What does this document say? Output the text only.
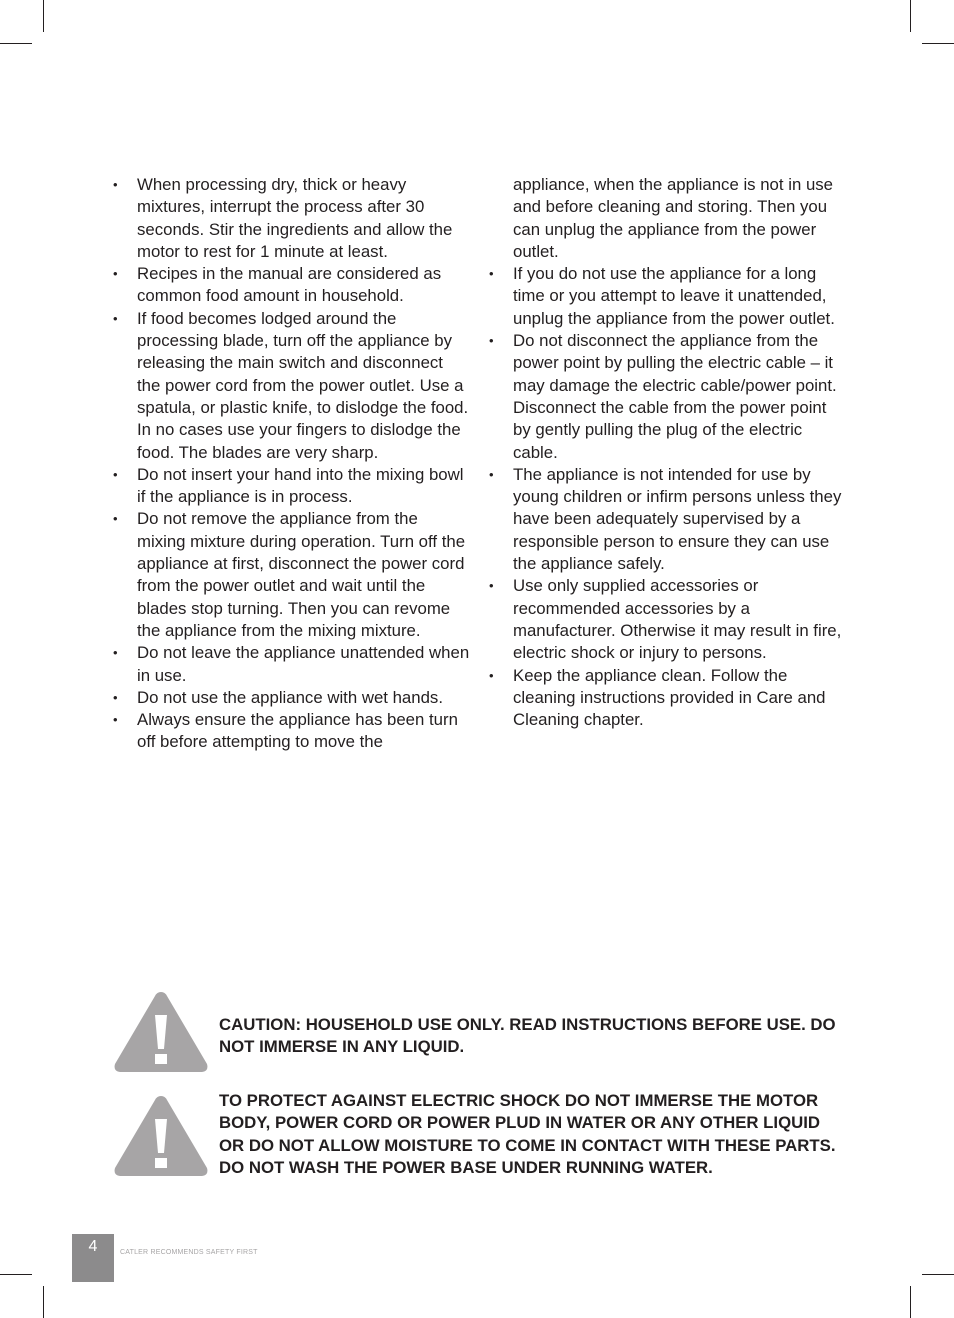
• When processing dry, thick or heavy mixtures, interrupt the process after 30 seconds. Stir the ingredients and allow the motor to rest for 1 minute at least.
• Recipes in the manual are considered as common food amount in household.
• If food becomes lodged around the processing blade, turn off the appliance by releasing the main switch and disconnect the power cord from the power outlet. Use a spatula, or plastic knife, to dislodge the food. In no cases use your fingers to dislodge the food. The blades are very sharp.
• Do not insert your hand into the mixing bowl if the appliance is in process.
• Do not remove the appliance from the mixing mixture during operation. Turn off the appliance at first, disconnect the power cord from the power outlet and wait until the blades stop turning. Then you can revome the appliance from the mixing mixture.
• Do not leave the appliance unattended when in use.
• Do not use the appliance with wet hands.
• Always ensure the appliance has been turn off before attempting to move the

appliance, when the appliance is not in use and before cleaning and storing. Then you can unplug the appliance from the power outlet.

• If you do not use the appliance for a long time or you attempt to leave it unattended, unplug the appliance from the power outlet.
• Do not disconnect the appliance from the power point by pulling the electric cable – it may damage the electric cable/power point. Disconnect the cable from the power point by gently pulling the plug of the electric cable.
• The appliance is not intended for use by young children or infirm persons unless they have been adequately supervised by a responsible person to ensure they can use the appliance safely.
• Use only supplied accessories or recommended accessories by a manufacturer. Otherwise it may result in fire, electric shock or injury to persons.
• Keep the appliance clean. Follow the cleaning instructions provided in Care and Cleaning chapter.

CAUTION: HOUSEHOLD USE ONLY. READ INSTRUCTIONS BEFORE USE. DO NOT IMMERSE IN ANY LIQUID.

TO PROTECT AGAINST ELECTRIC SHOCK DO NOT IMMERSE THE MOTOR BODY, POWER CORD OR POWER PLUD IN WATER OR ANY OTHER LIQUID OR DO NOT ALLOW MOISTURE TO COME IN CONTACT WITH THESE PARTS. DO NOT WASH THE POWER BASE UNDER RUNNING WATER.

4	CATLER RECOMMENDS SAFETY FIRST
